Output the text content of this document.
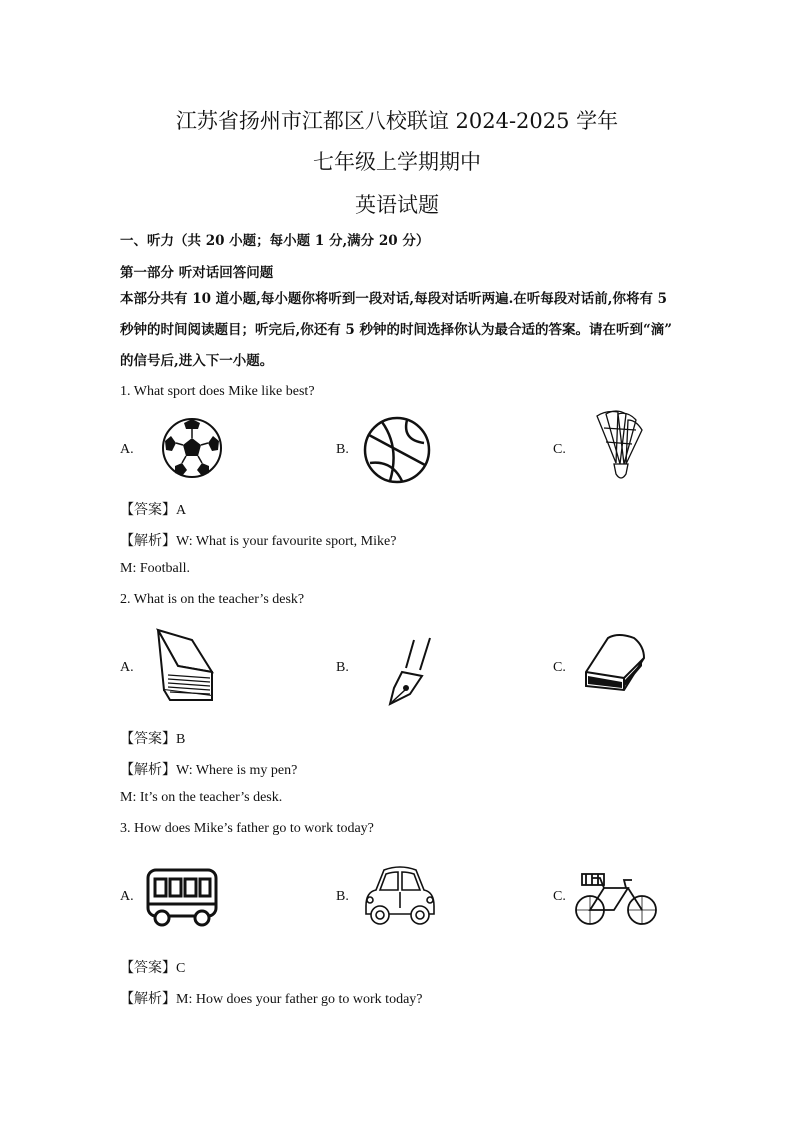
江苏省扬州市江都区八校联谊 2024-2025 学年
七年级上学期期中
英语试题
一、听力（共 20 小题；每小题 1 分,满分 20 分）
第一部分 听对话回答问题
本部分共有 10 道小题,每小题你将听到一段对话,每段对话听两遍.在听每段对话前,你将有 5
秒钟的时间阅读题目；听完后,你还有 5 秒钟的时间选择你认为最合适的答案。请在听到“滴”
的信号后,进入下一小题。
1. What sport does Mike like best?
A.	B.	C.
【答案】A
【解析】W: What is your favourite sport, Mike?
M: Football.
2. What is on the teacher’s desk?
A.	B.	C.
【答案】B
【解析】W: Where is my pen?
M: It’s on the teacher’s desk.
3. How does Mike’s father go to work today?
A.	B.	C.
【答案】C
【解析】M: How does your father go to work today?
